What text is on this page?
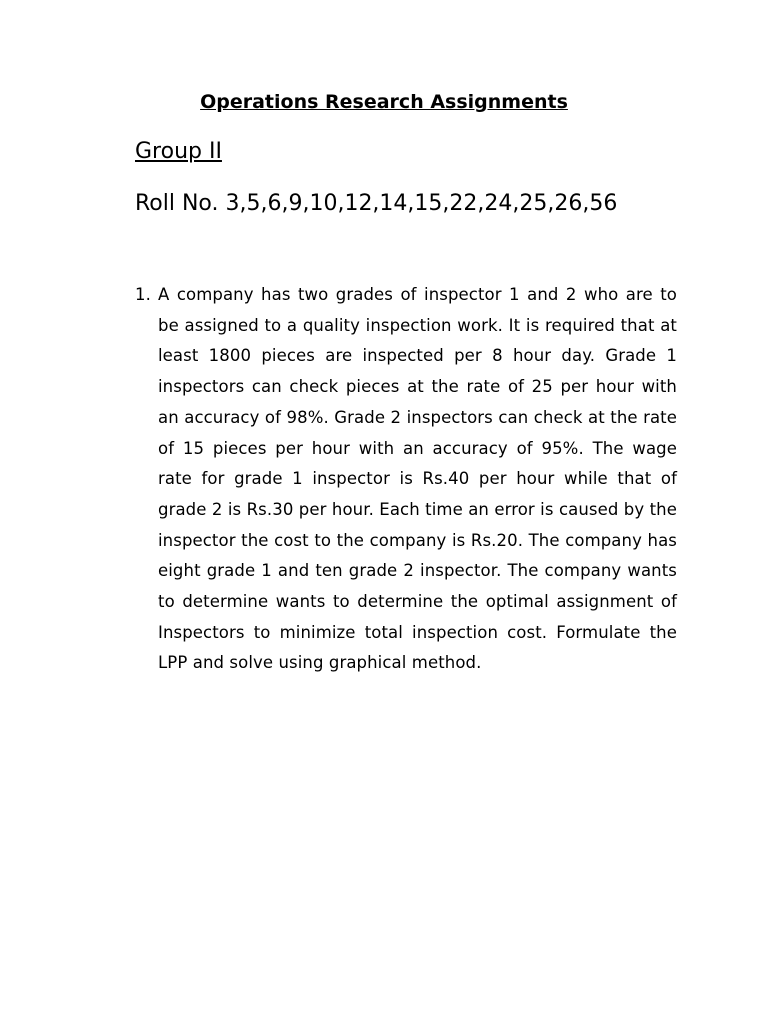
Operations Research Assignments
Group II
Roll No. 3,5,6,9,10,12,14,15,22,24,25,26,56
1. A company has two grades of inspector 1 and 2 who are to be assigned to a quality inspection work. It is required that at least 1800 pieces are inspected per 8 hour day. Grade 1 inspectors can check pieces at the rate of 25 per hour with an accuracy of 98%. Grade 2 inspectors can check at the rate of 15 pieces per hour with an accuracy of 95%. The wage rate for grade 1 inspector is Rs.40 per hour while that of grade 2 is Rs.30 per hour. Each time an error is caused by the inspector the cost to the company is Rs.20. The company has eight grade 1 and ten grade 2 inspector. The company wants to determine wants to determine the optimal assignment of Inspectors to minimize total inspection cost. Formulate the LPP and solve using graphical method.
